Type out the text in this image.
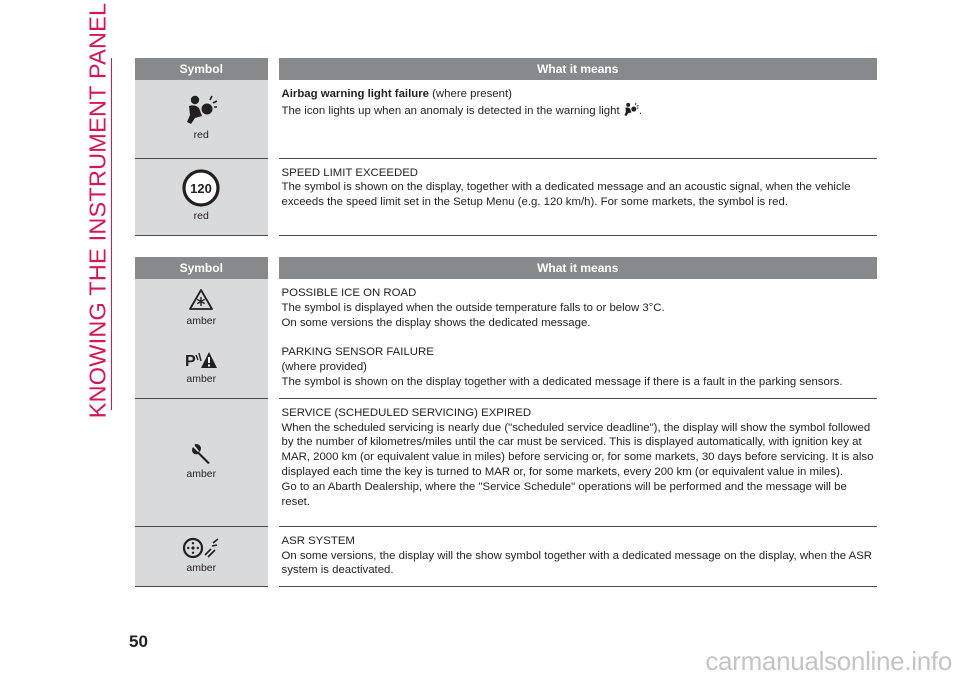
KNOWING THE INSTRUMENT PANEL	Symbol	What it means

red	Airbag warning light failure (where present)
The icon lights up when an anomaly is detected in the warning light .

120
red	SPEED LIMIT EXCEEDED
The symbol is shown on the display, together with a dedicated message and an acoustic signal, when the vehicle exceeds the speed limit set in the Setup Menu (e.g. 120 km/h). For some markets, the symbol is red.
Symbol	What it means

amber	POSSIBLE ICE ON ROAD
The symbol is displayed when the outside temperature falls to or below 3°C.
On some versions the display shows the dedicated message.

P
amber	PARKING SENSOR FAILURE
(where provided)
The symbol is shown on the display together with a dedicated message if there is a fault in the parking sensors.

amber	SERVICE (SCHEDULED SERVICING) EXPIRED
When the scheduled servicing is nearly due ("scheduled service deadline"), the display will show the symbol followed by the number of kilometres/miles until the car must be serviced. This is displayed automatically, with ignition key at MAR, 2000 km (or equivalent value in miles) before servicing or, for some markets, 30 days before servicing. It is also displayed each time the key is turned to MAR or, for some markets, every 200 km (or equivalent value in miles).
Go to an Abarth Dealership, where the "Service Schedule" operations will be performed and the message will be reset.

amber	ASR SYSTEM
On some versions, the display will the show symbol together with a dedicated message on the display, when the ASR system is deactivated.
50
carmanualsonline.info
